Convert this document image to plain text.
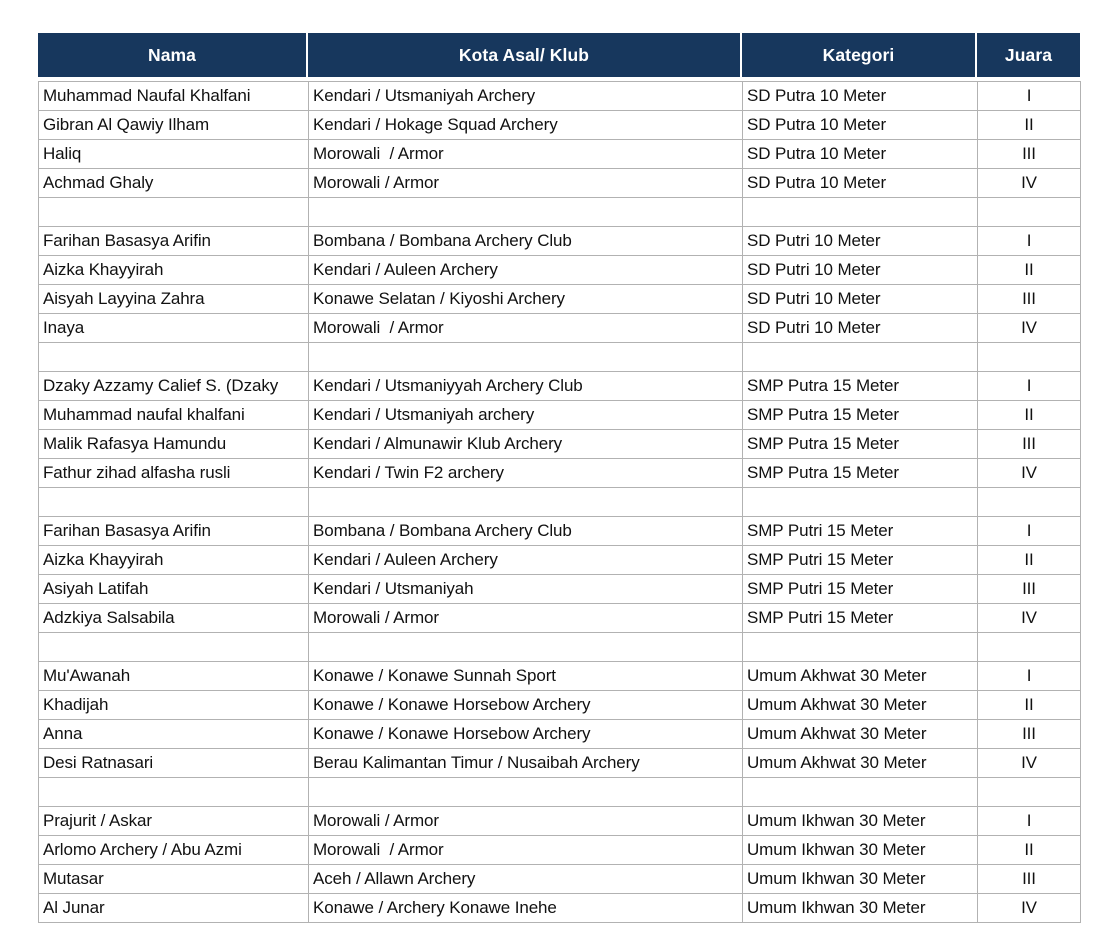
Nama	Kota Asal/ Klub	Kategori	Juara
Muhammad Naufal Khalfani	Kendari / Utsmaniyah Archery	SD Putra 10 Meter	I
Gibran Al Qawiy Ilham	Kendari / Hokage Squad Archery	SD Putra 10 Meter	II
Haliq	Morowali  / Armor	SD Putra 10 Meter	III
Achmad Ghaly	Morowali / Armor	SD Putra 10 Meter	IV

Farihan Basasya Arifin	Bombana / Bombana Archery Club	SD Putri 10 Meter	I
Aizka Khayyirah	Kendari / Auleen Archery	SD Putri 10 Meter	II
Aisyah Layyina Zahra	Konawe Selatan / Kiyoshi Archery	SD Putri 10 Meter	III
Inaya	Morowali  / Armor	SD Putri 10 Meter	IV

Dzaky Azzamy Calief S. (Dzaky	Kendari / Utsmaniyyah Archery Club	SMP Putra 15 Meter	I
Muhammad naufal khalfani	Kendari / Utsmaniyah archery	SMP Putra 15 Meter	II
Malik Rafasya Hamundu	Kendari / Almunawir Klub Archery	SMP Putra 15 Meter	III
Fathur zihad alfasha rusli	Kendari / Twin F2 archery	SMP Putra 15 Meter	IV

Farihan Basasya Arifin	Bombana / Bombana Archery Club	SMP Putri 15 Meter	I
Aizka Khayyirah	Kendari / Auleen Archery	SMP Putri 15 Meter	II
Asiyah Latifah	Kendari / Utsmaniyah	SMP Putri 15 Meter	III
Adzkiya Salsabila	Morowali / Armor	SMP Putri 15 Meter	IV

Mu'Awanah	Konawe / Konawe Sunnah Sport	Umum Akhwat 30 Meter	I
Khadijah	Konawe / Konawe Horsebow Archery	Umum Akhwat 30 Meter	II
Anna	Konawe / Konawe Horsebow Archery	Umum Akhwat 30 Meter	III
Desi Ratnasari	Berau Kalimantan Timur / Nusaibah Archery	Umum Akhwat 30 Meter	IV

Prajurit / Askar	Morowali / Armor	Umum Ikhwan 30 Meter	I
Arlomo Archery / Abu Azmi	Morowali  / Armor	Umum Ikhwan 30 Meter	II
Mutasar	Aceh / Allawn Archery	Umum Ikhwan 30 Meter	III
Al Junar	Konawe / Archery Konawe Inehe	Umum Ikhwan 30 Meter	IV
